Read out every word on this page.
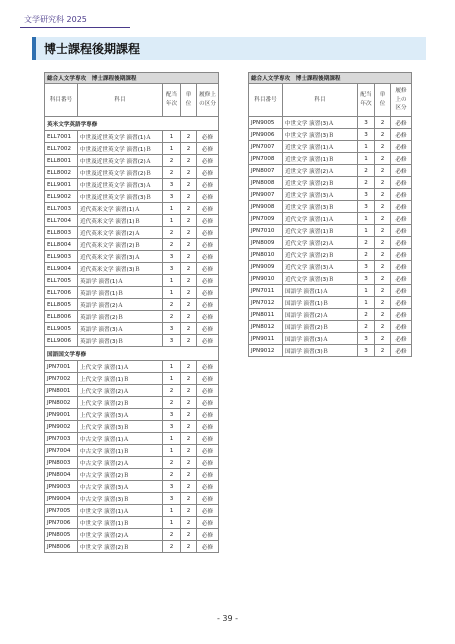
文学研究科 2025
博士課程後期課程
総合人文学専攻　博士課程後期課程				
科目番号	科目	配当年次	単位	履修上の区分
英米文学英語学専修				
ELL7001	中世及近世英文学 演習(1)Ａ	1	2	必修
ELL7002	中世及近世英文学 演習(1)Ｂ	1	2	必修
ELL8001	中世及近世英文学 演習(2)Ａ	2	2	必修
ELL8002	中世及近世英文学 演習(2)Ｂ	2	2	必修
ELL9001	中世及近世英文学 演習(3)Ａ	3	2	必修
ELL9002	中世及近世英文学 演習(3)Ｂ	3	2	必修
ELL7003	近代英米文学 演習(1)Ａ	1	2	必修
ELL7004	近代英米文学 演習(1)Ｂ	1	2	必修
ELL8003	近代英米文学 演習(2)Ａ	2	2	必修
ELL8004	近代英米文学 演習(2)Ｂ	2	2	必修
ELL9003	近代英米文学 演習(3)Ａ	3	2	必修
ELL9004	近代英米文学 演習(3)Ｂ	3	2	必修
ELL7005	英語学 演習(1)Ａ	1	2	必修
ELL7006	英語学 演習(1)Ｂ	1	2	必修
ELL8005	英語学 演習(2)Ａ	2	2	必修
ELL8006	英語学 演習(2)Ｂ	2	2	必修
ELL9005	英語学 演習(3)Ａ	3	2	必修
ELL9006	英語学 演習(3)Ｂ	3	2	必修
国語国文学専修				
JPN7001	上代文学 演習(1)Ａ	1	2	必修
JPN7002	上代文学 演習(1)Ｂ	1	2	必修
JPN8001	上代文学 演習(2)Ａ	2	2	必修
JPN8002	上代文学 演習(2)Ｂ	2	2	必修
JPN9001	上代文学 演習(3)Ａ	3	2	必修
JPN9002	上代文学 演習(3)Ｂ	3	2	必修
JPN7003	中古文学 演習(1)Ａ	1	2	必修
JPN7004	中古文学 演習(1)Ｂ	1	2	必修
JPN8003	中古文学 演習(2)Ａ	2	2	必修
JPN8004	中古文学 演習(2)Ｂ	2	2	必修
JPN9003	中古文学 演習(3)Ａ	3	2	必修
JPN9004	中古文学 演習(3)Ｂ	3	2	必修
JPN7005	中世文学 演習(1)Ａ	1	2	必修
JPN7006	中世文学 演習(1)Ｂ	1	2	必修
JPN8005	中世文学 演習(2)Ａ	2	2	必修
JPN8006	中世文学 演習(2)Ｂ	2	2	必修
総合人文学専攻　博士課程後期課程				
科目番号	科目	配当年次	単位	履修上の区分
JPN9005	中世文学 演習(3)Ａ	3	2	必修
JPN9006	中世文学 演習(3)Ｂ	3	2	必修
JPN7007	近世文学 演習(1)Ａ	1	2	必修
JPN7008	近世文学 演習(1)Ｂ	1	2	必修
JPN8007	近世文学 演習(2)Ａ	2	2	必修
JPN8008	近世文学 演習(2)Ｂ	2	2	必修
JPN9007	近世文学 演習(3)Ａ	3	2	必修
JPN9008	近世文学 演習(3)Ｂ	3	2	必修
JPN7009	近代文学 演習(1)Ａ	1	2	必修
JPN7010	近代文学 演習(1)Ｂ	1	2	必修
JPN8009	近代文学 演習(2)Ａ	2	2	必修
JPN8010	近代文学 演習(2)Ｂ	2	2	必修
JPN9009	近代文学 演習(3)Ａ	3	2	必修
JPN9010	近代文学 演習(3)Ｂ	3	2	必修
JPN7011	国語学 演習(1)Ａ	1	2	必修
JPN7012	国語学 演習(1)Ｂ	1	2	必修
JPN8011	国語学 演習(2)Ａ	2	2	必修
JPN8012	国語学 演習(2)Ｂ	2	2	必修
JPN9011	国語学 演習(3)Ａ	3	2	必修
JPN9012	国語学 演習(3)Ｂ	3	2	必修
- 39 -
